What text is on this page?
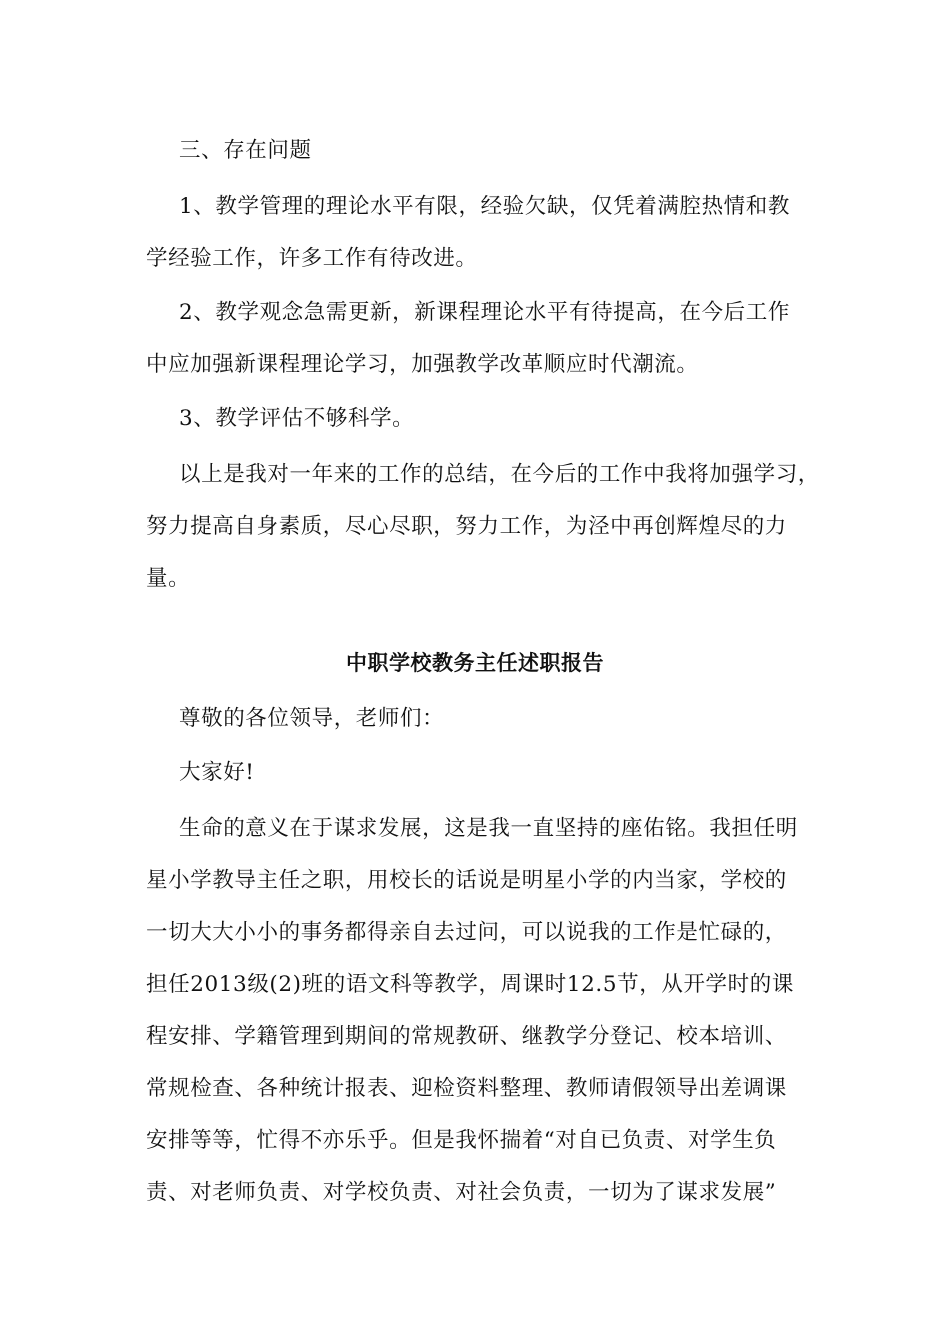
三、存在问题
1、教学管理的理论水平有限，经验欠缺，仅凭着满腔热情和教
学经验工作，许多工作有待改进。
2、教学观念急需更新，新课程理论水平有待提高，在今后工作
中应加强新课程理论学习，加强教学改革顺应时代潮流。
3、教学评估不够科学。
以上是我对一年来的工作的总结，在今后的工作中我将加强学习，
努力提高自身素质，尽心尽职，努力工作，为泾中再创辉煌尽的力
量。
中职学校教务主任述职报告
尊敬的各位领导，老师们：
大家好!
生命的意义在于谋求发展，这是我一直坚持的座佑铭。我担任明
星小学教导主任之职，用校长的话说是明星小学的内当家，学校的
一切大大小小的事务都得亲自去过问，可以说我的工作是忙碌的，
担任2013级(2)班的语文科等教学，周课时12.5节，从开学时的课
程安排、学籍管理到期间的常规教研、继教学分登记、校本培训、
常规检查、各种统计报表、迎检资料整理、教师请假领导出差调课
安排等等，忙得不亦乐乎。但是我怀揣着“对自已负责、对学生负
责、对老师负责、对学校负责、对社会负责，一切为了谋求发展”
